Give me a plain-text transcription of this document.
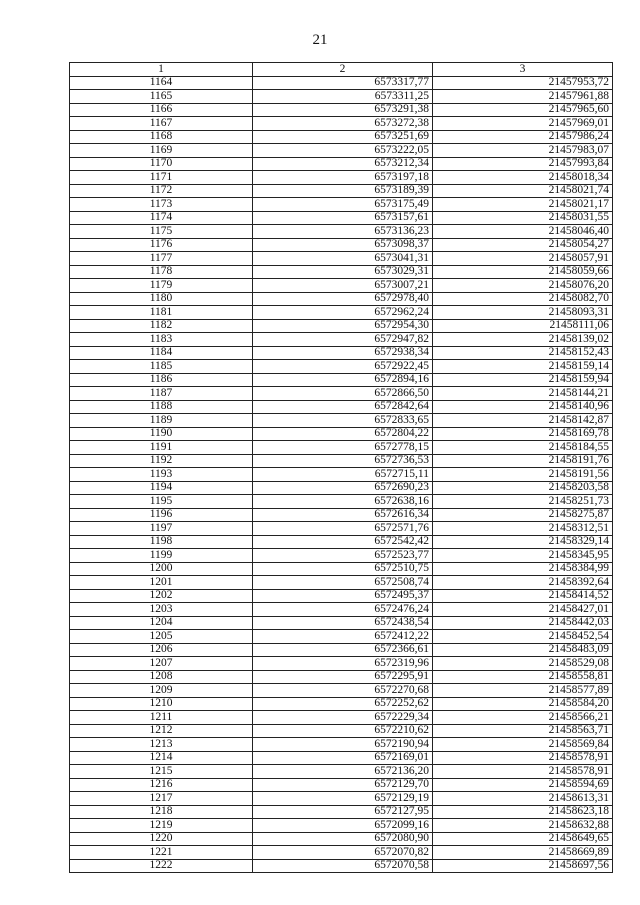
21
1	2	3
1164	6573317,77	21457953,72
1165	6573311,25	21457961,88
1166	6573291,38	21457965,60
1167	6573272,38	21457969,01
1168	6573251,69	21457986,24
1169	6573222,05	21457983,07
1170	6573212,34	21457993,84
1171	6573197,18	21458018,34
1172	6573189,39	21458021,74
1173	6573175,49	21458021,17
1174	6573157,61	21458031,55
1175	6573136,23	21458046,40
1176	6573098,37	21458054,27
1177	6573041,31	21458057,91
1178	6573029,31	21458059,66
1179	6573007,21	21458076,20
1180	6572978,40	21458082,70
1181	6572962,24	21458093,31
1182	6572954,30	21458111,06
1183	6572947,82	21458139,02
1184	6572938,34	21458152,43
1185	6572922,45	21458159,14
1186	6572894,16	21458159,94
1187	6572866,50	21458144,21
1188	6572842,64	21458140,96
1189	6572833,65	21458142,87
1190	6572804,22	21458169,78
1191	6572778,15	21458184,55
1192	6572736,53	21458191,76
1193	6572715,11	21458191,56
1194	6572690,23	21458203,58
1195	6572638,16	21458251,73
1196	6572616,34	21458275,87
1197	6572571,76	21458312,51
1198	6572542,42	21458329,14
1199	6572523,77	21458345,95
1200	6572510,75	21458384,99
1201	6572508,74	21458392,64
1202	6572495,37	21458414,52
1203	6572476,24	21458427,01
1204	6572438,54	21458442,03
1205	6572412,22	21458452,54
1206	6572366,61	21458483,09
1207	6572319,96	21458529,08
1208	6572295,91	21458558,81
1209	6572270,68	21458577,89
1210	6572252,62	21458584,20
1211	6572229,34	21458566,21
1212	6572210,62	21458563,71
1213	6572190,94	21458569,84
1214	6572169,01	21458578,91
1215	6572136,20	21458578,91
1216	6572129,70	21458594,69
1217	6572129,19	21458613,31
1218	6572127,95	21458623,18
1219	6572099,16	21458632,88
1220	6572080,90	21458649,65
1221	6572070,82	21458669,89
1222	6572070,58	21458697,56
